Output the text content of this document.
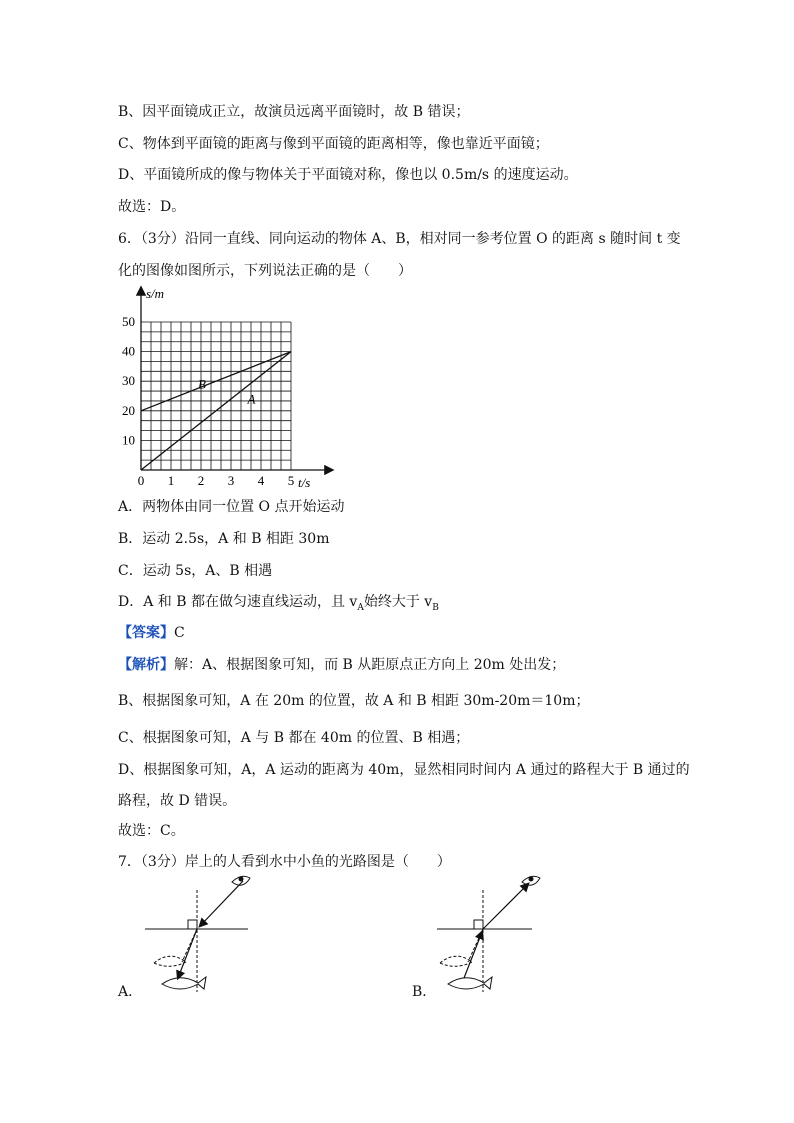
B、因平面镜成正立，故演员远离平面镜时，故 B 错误；
C、物体到平面镜的距离与像到平面镜的距离相等，像也靠近平面镜；
D、平面镜所成的像与物体关于平面镜对称，像也以 0.5m/s 的速度运动。
故选：D。
6．（3分）沿同一直线、同向运动的物体 A、B，相对同一参考位置 O 的距离 s 随时间 t 变
化的图像如图所示，下列说法正确的是（　　）
0 1 2 3 4 5
10
20
30
40
50
A
B
s/m
t/s
A．两物体由同一位置 O 点开始运动
B．运动 2.5s，A 和 B 相距 30m
C．运动 5s，A、B 相遇
D．A 和 B 都在做匀速直线运动，且 $v_A$始终大于 $v_B$
【答案】C
【解析】解：A、根据图象可知，而 B 从距原点正方向上 20m 处出发；
B、根据图象可知，A 在 20m 的位置，故 A 和 B 相距 30m-20m＝10m；
C、根据图象可知，A 与 B 都在 40m 的位置、B 相遇；
D、根据图象可知，A，A 运动的距离为 40m，显然相同时间内 A 通过的路程大于 B 通过的
路程，故 D 错误。
故选：C。
7．（3分）岸上的人看到水中小鱼的光路图是（　　）
A．	B．
